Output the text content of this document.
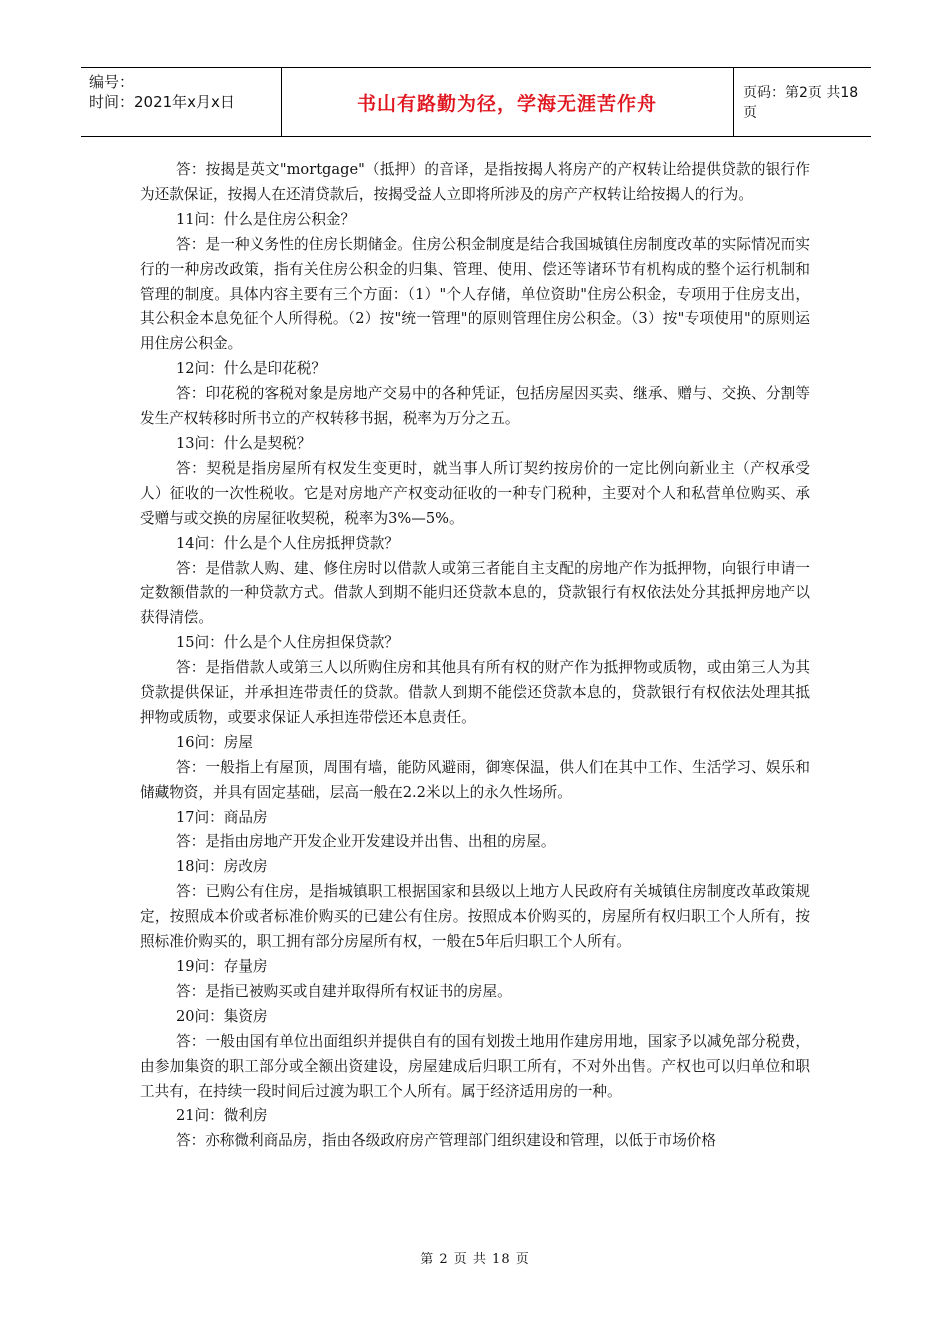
编号：
时间：2021年x月x日	书山有路勤为径，学海无涯苦作舟	页码：第2页 共18页

答：按揭是英文"mortgage"（抵押）的音译，是指按揭人将房产的产权转让给提供贷款的银行作为还款保证，按揭人在还清贷款后，按揭受益人立即将所涉及的房产产权转让给按揭人的行为。

11问：什么是住房公积金？

答：是一种义务性的住房长期储金。住房公积金制度是结合我国城镇住房制度改革的实际情况而实行的一种房改政策，指有关住房公积金的归集、管理、使用、偿还等诸环节有机构成的整个运行机制和管理的制度。具体内容主要有三个方面：（1）"个人存储，单位资助"住房公积金，专项用于住房支出，其公积金本息免征个人所得税。（2）按"统一管理"的原则管理住房公积金。（3）按"专项使用"的原则运用住房公积金。

12问：什么是印花税？

答：印花税的客税对象是房地产交易中的各种凭证，包括房屋因买卖、继承、赠与、交换、分割等发生产权转移时所书立的产权转移书据，税率为万分之五。

13问：什么是契税？

答：契税是指房屋所有权发生变更时，就当事人所订契约按房价的一定比例向新业主（产权承受人）征收的一次性税收。它是对房地产产权变动征收的一种专门税种，主要对个人和私营单位购买、承受赠与或交换的房屋征收契税，税率为3%—5%。

14问：什么是个人住房抵押贷款？

答：是借款人购、建、修住房时以借款人或第三者能自主支配的房地产作为抵押物，向银行申请一定数额借款的一种贷款方式。借款人到期不能归还贷款本息的，贷款银行有权依法处分其抵押房地产以获得清偿。

15问：什么是个人住房担保贷款？

答：是指借款人或第三人以所购住房和其他具有所有权的财产作为抵押物或质物，或由第三人为其贷款提供保证，并承担连带责任的贷款。借款人到期不能偿还贷款本息的，贷款银行有权依法处理其抵押物或质物，或要求保证人承担连带偿还本息责任。

16问：房屋

答：一般指上有屋顶，周围有墙，能防风避雨，御寒保温，供人们在其中工作、生活学习、娱乐和储藏物资，并具有固定基础，层高一般在2.2米以上的永久性场所。

17问：商品房

答：是指由房地产开发企业开发建设并出售、出租的房屋。

18问：房改房

答：已购公有住房，是指城镇职工根据国家和县级以上地方人民政府有关城镇住房制度改革政策规定，按照成本价或者标准价购买的已建公有住房。按照成本价购买的，房屋所有权归职工个人所有，按照标准价购买的，职工拥有部分房屋所有权，一般在5年后归职工个人所有。

19问：存量房

答：是指已被购买或自建并取得所有权证书的房屋。

20问：集资房

答：一般由国有单位出面组织并提供自有的国有划拨土地用作建房用地，国家予以减免部分税费，由参加集资的职工部分或全额出资建设，房屋建成后归职工所有，不对外出售。产权也可以归单位和职工共有，在持续一段时间后过渡为职工个人所有。属于经济适用房的一种。

21问：微利房

答：亦称微利商品房，指由各级政府房产管理部门组织建设和管理，以低于市场价格

第 2 页 共 18 页
